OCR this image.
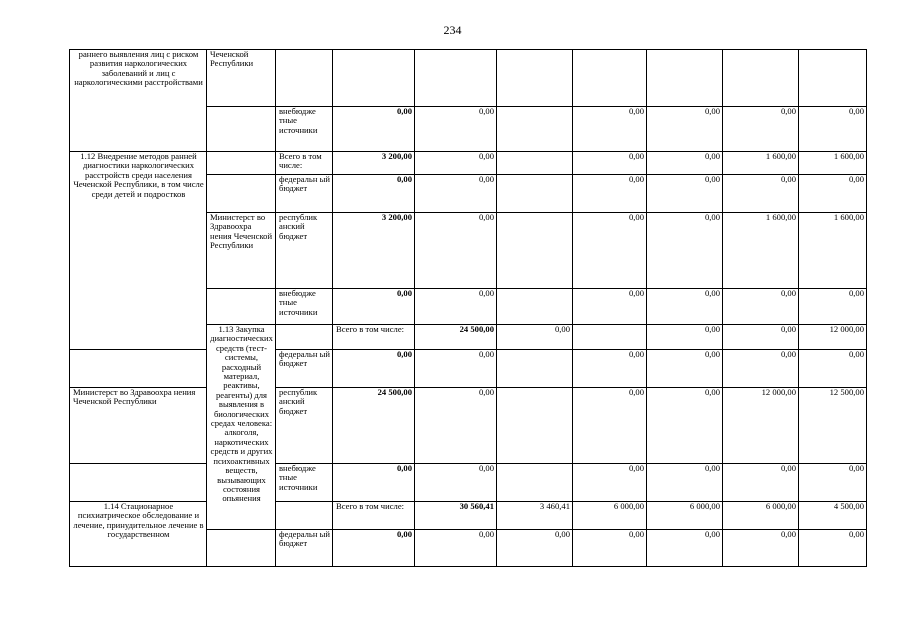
234
раннего выявления лиц с риском развития наркологических заболеваний и лиц с наркологическими расстройствами	Чеченской Республики									
		внебюдже тные источники	0,00	0,00		0,00	0,00	0,00	0,00	
1.12 Внедрение методов ранней диагностики наркологических расстройств среди населения Чеченской Республики, в том числе среди детей и подростков		Всего в том числе:	3 200,00	0,00		0,00	0,00	1 600,00	1 600,00	
		федеральн ый бюджет	0,00	0,00		0,00	0,00	0,00	0,00	
	Министерст во Здравоохра нения Чеченской Республики	республик анский бюджет	3 200,00	0,00		0,00	0,00	1 600,00	1 600,00	
		внебюдже тные источники	0,00	0,00		0,00	0,00	0,00	0,00	
	1.13 Закупка диагностических средств (тест-системы, расходный материал, реактивы, реагенты) для выявления в биологических средах человека: алкоголя, наркотических средств и других психоактивных веществ, вызывающих состояния опьянения		Всего в том числе:	24 500,00	0,00		0,00	0,00	12 000,00	
		федеральн ый бюджет	0,00	0,00		0,00	0,00	0,00	0,00	
Министерст во Здравоохра нения Чеченской Республики		республик анский бюджет	24 500,00	0,00		0,00	0,00	12 000,00	12 500,00	
		внебюдже тные источники	0,00	0,00		0,00	0,00	0,00	0,00	
1.14 Стационарное психиатрическое обследование и лечение, принудительное лечение в государственном			Всего в том числе:	30 560,41	3 460,41	6 000,00	6 000,00	6 000,00	4 500,00	
		федеральн ый бюджет	0,00	0,00	0,00	0,00	0,00	0,00	0,00	
